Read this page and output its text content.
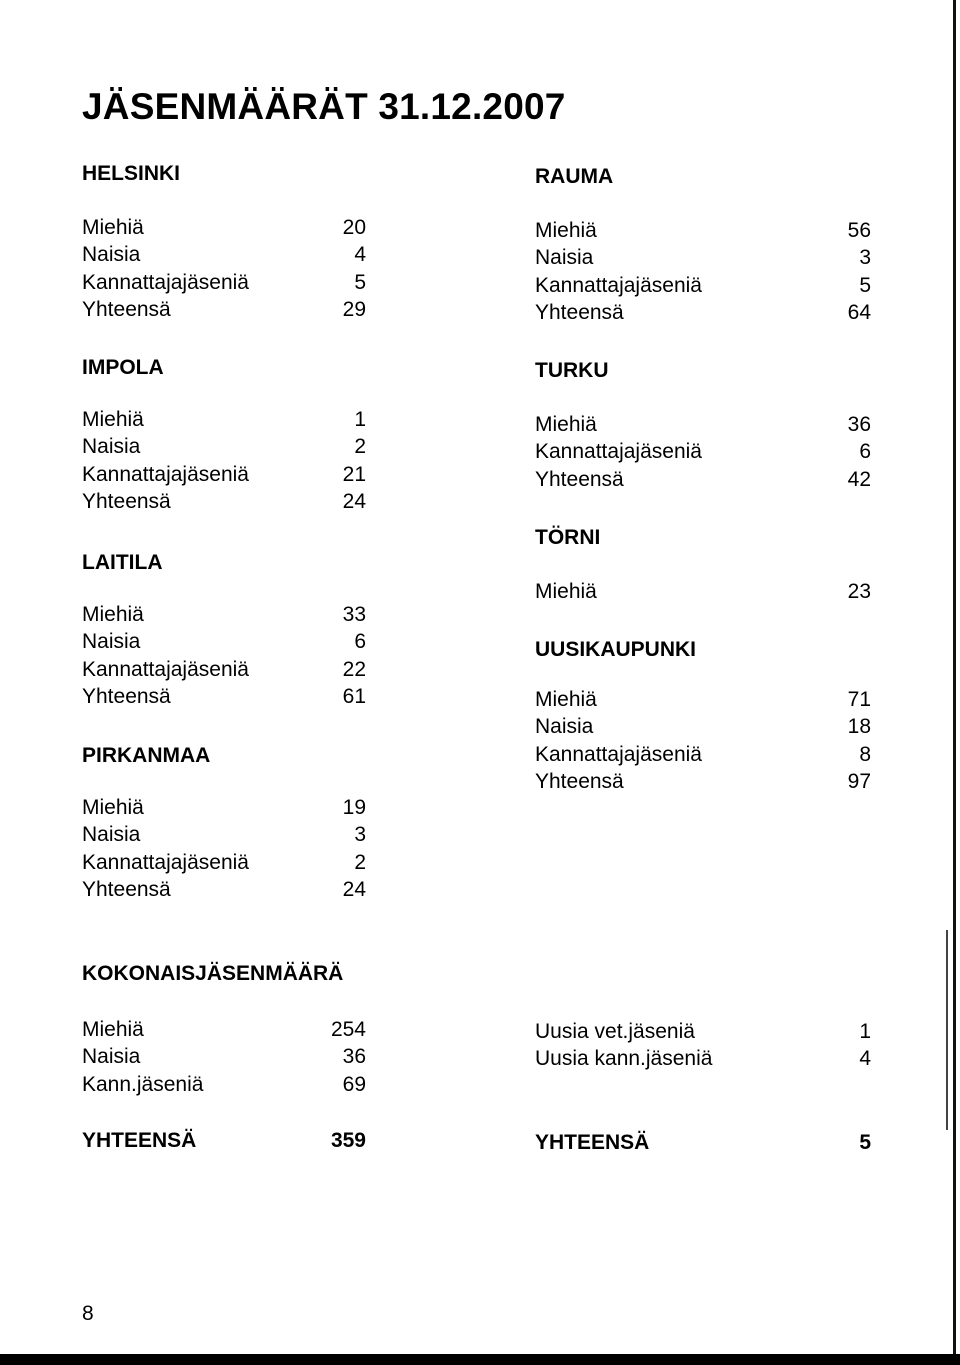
JÄSENMÄÄRÄT 31.12.2007
HELSINKI
Miehiä	20
Naisia	4
Kannattajajäseniä	5
Yhteensä	29
IMPOLA
Miehiä	1
Naisia	2
Kannattajajäseniä	21
Yhteensä	24
LAITILA
Miehiä	33
Naisia	6
Kannattajajäseniä	22
Yhteensä	61
PIRKANMAA
Miehiä	19
Naisia	3
Kannattajajäseniä	2
Yhteensä	24
RAUMA
Miehiä	56
Naisia	3
Kannattajajäseniä	5
Yhteensä	64
TURKU
Miehiä	36
Kannattajajäseniä	6
Yhteensä	42
TÖRNI
Miehiä	23
UUSIKAUPUNKI
Miehiä	71
Naisia	18
Kannattajajäseniä	8
Yhteensä	97
KOKONAISJÄSENMÄÄRÄ
Miehiä	254
Naisia	36
Kann.jäseniä	69
Uusia vet.jäseniä	1
Uusia kann.jäseniä	4
YHTEENSÄ	359	YHTEENSÄ	5
8
